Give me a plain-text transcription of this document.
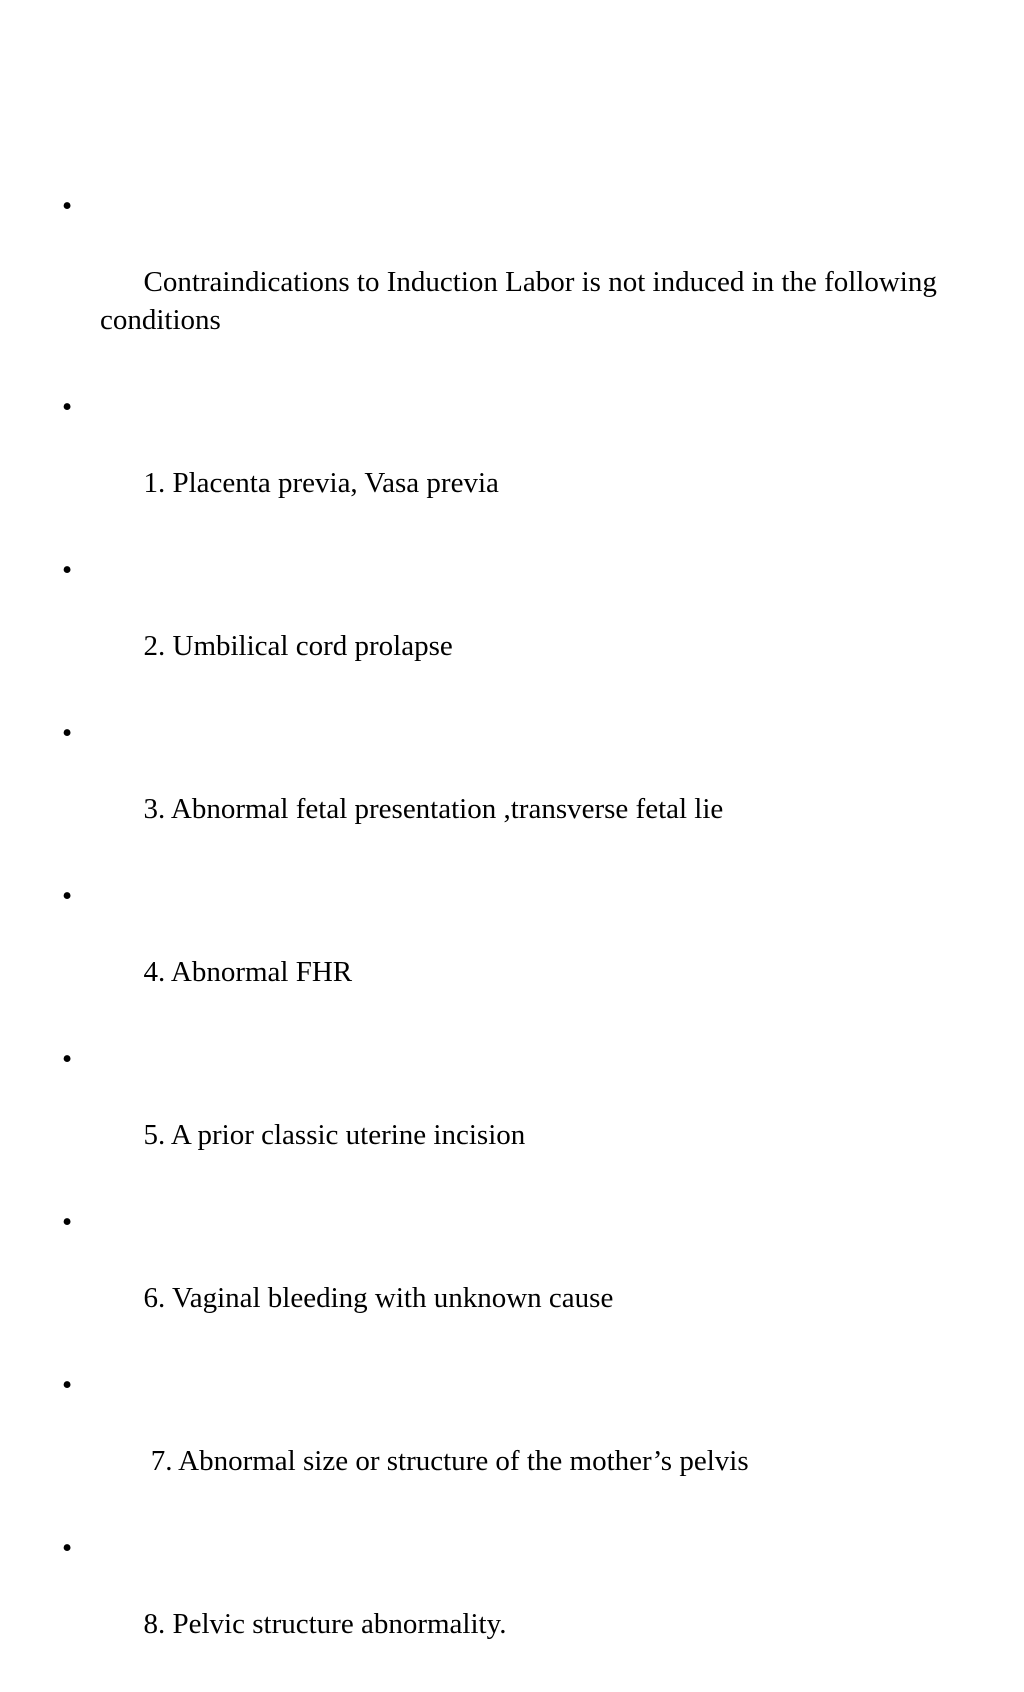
•

Contraindications to Induction Labor is not induced in the following conditions

•

1. Placenta previa, Vasa previa

•

2. Umbilical cord prolapse

•

3. Abnormal fetal presentation ,transverse fetal lie

•

4. Abnormal FHR

•

5. A prior classic uterine incision

•

6. Vaginal bleeding with unknown cause

•

7. Abnormal size or structure of the mother’s pelvis

•

8. Pelvic structure abnormality.
